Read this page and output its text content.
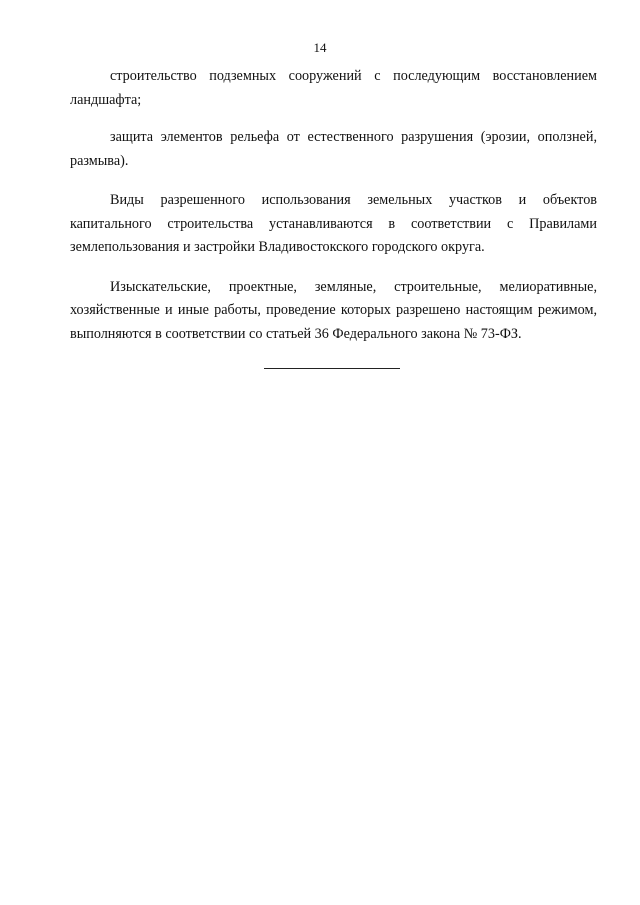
14

строительство подземных сооружений с последующим восстановлением ландшафта;

защита элементов рельефа от естественного разрушения (эрозии, оползней, размыва).

Виды разрешенного использования земельных участков и объектов капитального строительства устанавливаются в соответствии с Правилами землепользования и застройки Владивостокского городского округа.

Изыскательские, проектные, земляные, строительные, мелиоративные, хозяйственные и иные работы, проведение которых разрешено настоящим режимом, выполняются в соответствии со статьей 36 Федерального закона № 73-ФЗ.
